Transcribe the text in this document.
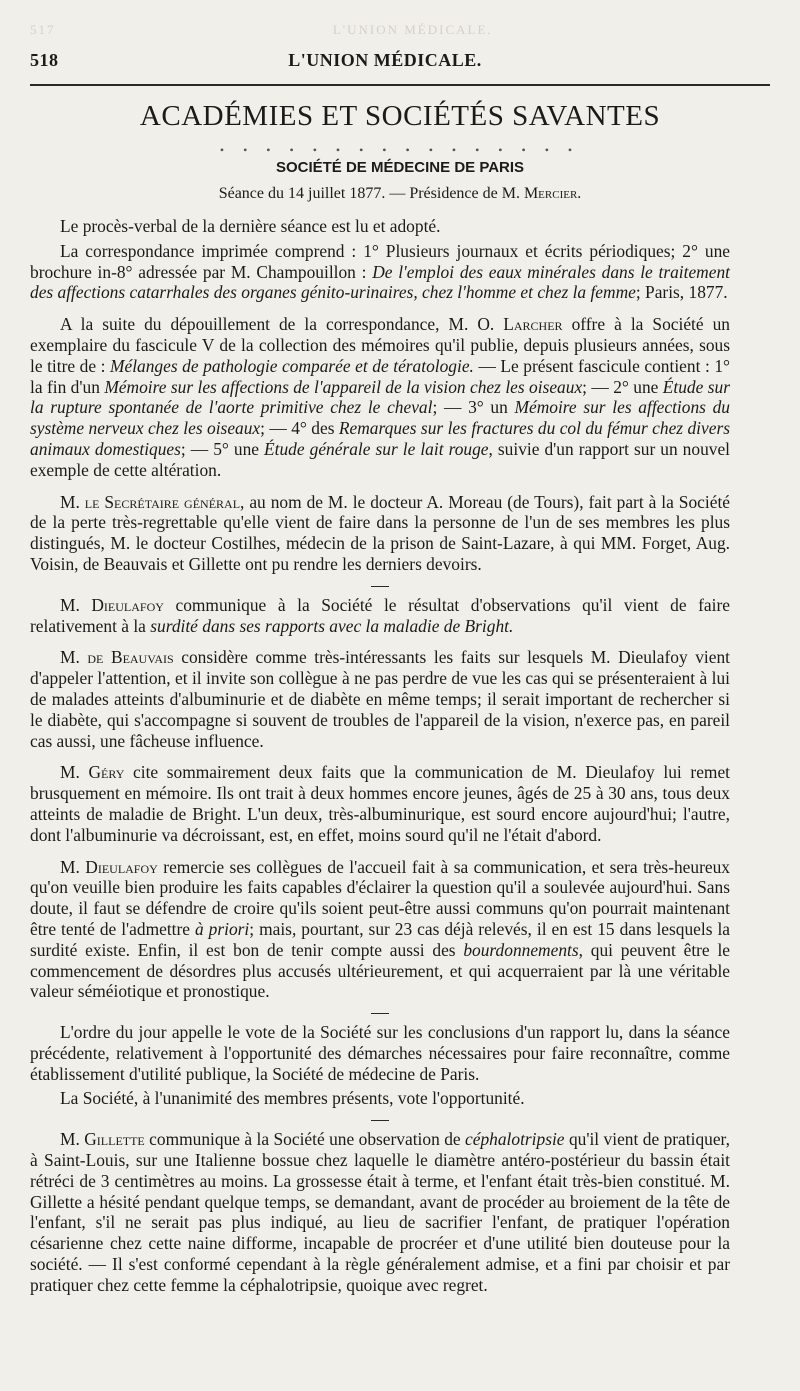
517	L'UNION MÉDICALE.
518	L'UNION MÉDICALE.
ACADÉMIES ET SOCIÉTÉS SAVANTES
• • • • • • • • • • • • • • • •
SOCIÉTÉ DE MÉDECINE DE PARIS
Séance du 14 juillet 1877. — Présidence de M. Mercier.

Le procès-verbal de la dernière séance est lu et adopté.

La correspondance imprimée comprend : 1° Plusieurs journaux et écrits périodiques; 2° une brochure in-8° adressée par M. Champouillon : De l'emploi des eaux minérales dans le traitement des affections catarrhales des organes génito-urinaires, chez l'homme et chez la femme; Paris, 1877.

A la suite du dépouillement de la correspondance, M. O. Larcher offre à la Société un exemplaire du fascicule V de la collection des mémoires qu'il publie, depuis plusieurs années, sous le titre de : Mélanges de pathologie comparée et de tératologie. — Le présent fascicule contient : 1° la fin d'un Mémoire sur les affections de l'appareil de la vision chez les oiseaux; — 2° une Étude sur la rupture spontanée de l'aorte primitive chez le cheval; — 3° un Mémoire sur les affections du système nerveux chez les oiseaux; — 4° des Remarques sur les fractures du col du fémur chez divers animaux domestiques; — 5° une Étude générale sur le lait rouge, suivie d'un rapport sur un nouvel exemple de cette altération.

M. le Secrétaire général, au nom de M. le docteur A. Moreau (de Tours), fait part à la Société de la perte très-regrettable qu'elle vient de faire dans la personne de l'un de ses membres les plus distingués, M. le docteur Costilhes, médecin de la prison de Saint-Lazare, à qui MM. Forget, Aug. Voisin, de Beauvais et Gillette ont pu rendre les derniers devoirs.

M. Dieulafoy communique à la Société le résultat d'observations qu'il vient de faire relativement à la surdité dans ses rapports avec la maladie de Bright.

M. de Beauvais considère comme très-intéressants les faits sur lesquels M. Dieulafoy vient d'appeler l'attention, et il invite son collègue à ne pas perdre de vue les cas qui se présenteraient à lui de malades atteints d'albuminurie et de diabète en même temps; il serait important de rechercher si le diabète, qui s'accompagne si souvent de troubles de l'appareil de la vision, n'exerce pas, en pareil cas aussi, une fâcheuse influence.

M. Géry cite sommairement deux faits que la communication de M. Dieulafoy lui remet brusquement en mémoire. Ils ont trait à deux hommes encore jeunes, âgés de 25 à 30 ans, tous deux atteints de maladie de Bright. L'un deux, très-albuminurique, est sourd encore aujourd'hui; l'autre, dont l'albuminurie va décroissant, est, en effet, moins sourd qu'il ne l'était d'abord.

M. Dieulafoy remercie ses collègues de l'accueil fait à sa communication, et sera très-heureux qu'on veuille bien produire les faits capables d'éclairer la question qu'il a soulevée aujourd'hui. Sans doute, il faut se défendre de croire qu'ils soient peut-être aussi communs qu'on pourrait maintenant être tenté de l'admettre à priori; mais, pourtant, sur 23 cas déjà relevés, il en est 15 dans lesquels la surdité existe. Enfin, il est bon de tenir compte aussi des bourdonnements, qui peuvent être le commencement de désordres plus accusés ultérieurement, et qui acquerraient par là une véritable valeur séméiotique et pronostique.

L'ordre du jour appelle le vote de la Société sur les conclusions d'un rapport lu, dans la séance précédente, relativement à l'opportunité des démarches nécessaires pour faire reconnaître, comme établissement d'utilité publique, la Société de médecine de Paris.

La Société, à l'unanimité des membres présents, vote l'opportunité.

M. Gillette communique à la Société une observation de céphalotripsie qu'il vient de pratiquer, à Saint-Louis, sur une Italienne bossue chez laquelle le diamètre antéro-postérieur du bassin était rétréci de 3 centimètres au moins. La grossesse était à terme, et l'enfant était très-bien constitué. M. Gillette a hésité pendant quelque temps, se demandant, avant de procéder au broiement de la tête de l'enfant, s'il ne serait pas plus indiqué, au lieu de sacrifier l'enfant, de pratiquer l'opération césarienne chez cette naine difforme, incapable de procréer et d'une utilité bien douteuse pour la société. — Il s'est conformé cependant à la règle généralement admise, et a fini par choisir et par pratiquer chez cette femme la céphalotripsie, quoique avec regret.
